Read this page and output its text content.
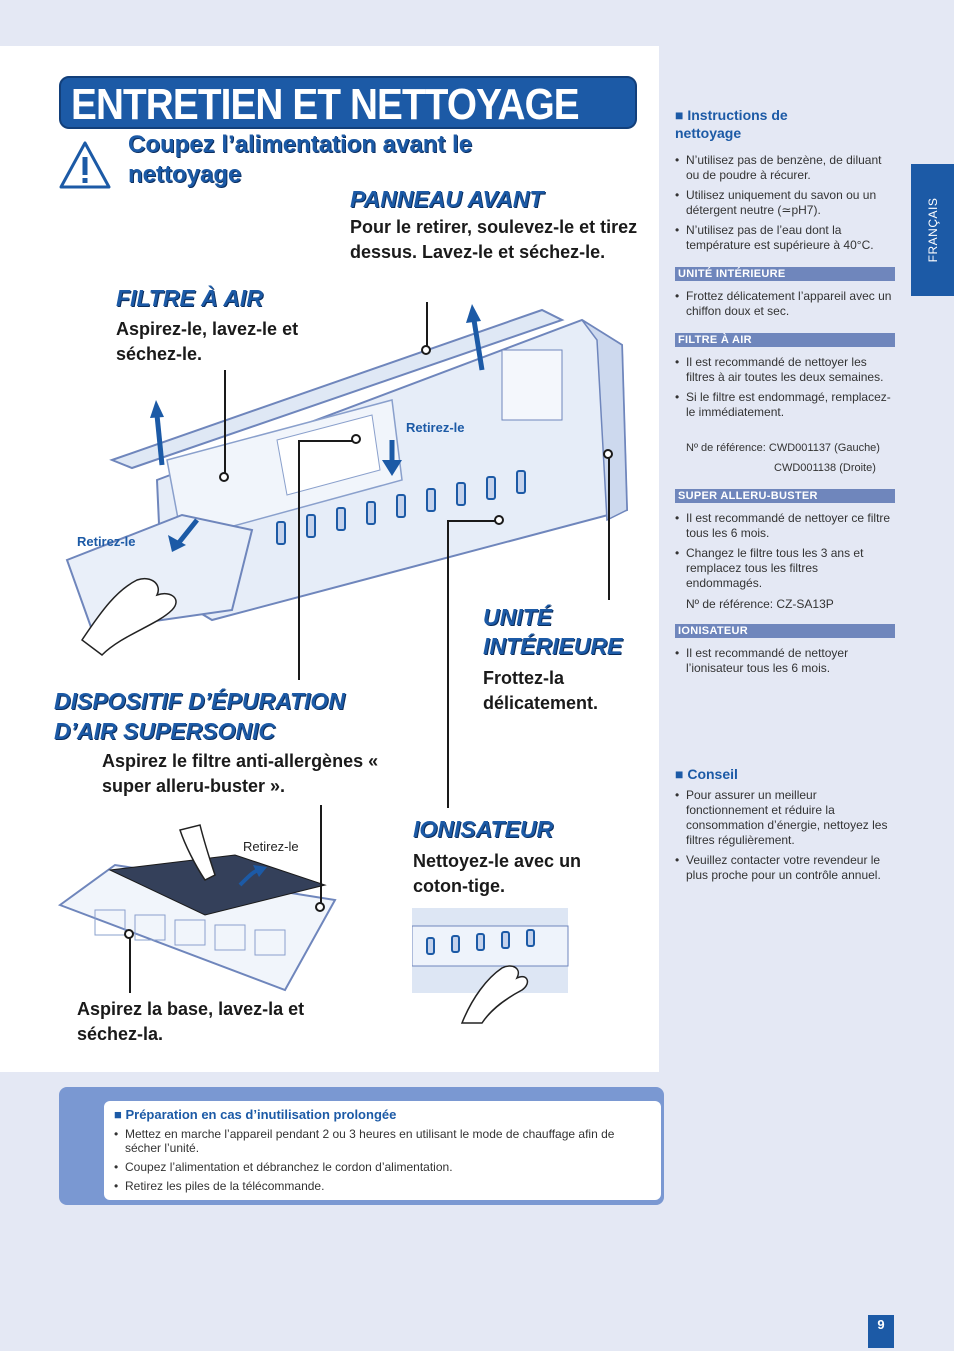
ENTRETIEN ET NETTOYAGE
Coupez l’alimentation avant le nettoyage
PANNEAU AVANT
Pour le retirer, soulevez-le et tirez dessus. Lavez-le et séchez-le.
FILTRE À AIR
Aspirez-le, lavez-le et séchez-le.
UNITÉ
INTÉRIEURE
Frottez-la délicatement.
DISPOSITIF D’ÉPURATION
D’AIR SUPERSONIC
Aspirez le filtre anti-allergènes « super alleru-buster ».
IONISATEUR
Nettoyez-le avec un coton-tige.
Aspirez la base, lavez-la et séchez-la.
Retirez-le
Retirez-le
Retirez-le
■ Instructions de nettoyage
• N’utilisez pas de benzène, de diluant ou de poudre à récurer.
• Utilisez uniquement du savon ou un détergent neutre (≃pH7).
• N’utilisez pas de l’eau dont la température est supérieure à 40°C.
UNITÉ INTÉRIEURE
• Frottez délicatement l’appareil avec un chiffon doux et sec.
FILTRE À AIR
• Il est recommandé de nettoyer les filtres à air toutes les deux semaines.
• Si le filtre est endommagé, remplacez-le immédiatement.
Nº de référence: CWD001137 (Gauche)
CWD001138 (Droite)
SUPER ALLERU-BUSTER
• Il est recommandé de nettoyer ce filtre tous les 6 mois.
• Changez le filtre tous les 3 ans et remplacez tous les filtres endommagés.
Nº de référence: CZ-SA13P
IONISATEUR
• Il est recommandé de nettoyer l’ionisateur tous les 6 mois.
■ Conseil
• Pour assurer un meilleur fonctionnement et réduire la consommation d’énergie, nettoyez les filtres régulièrement.
• Veuillez contacter votre revendeur le plus proche pour un contrôle annuel.
FRANÇAIS
■ Préparation en cas d’inutilisation prolongée
• Mettez en marche l’appareil pendant 2 ou 3 heures en utilisant le mode de chauffage afin de sécher l’unité.
• Coupez l’alimentation et débranchez le cordon d’alimentation.
• Retirez les piles de la télécommande.
9
